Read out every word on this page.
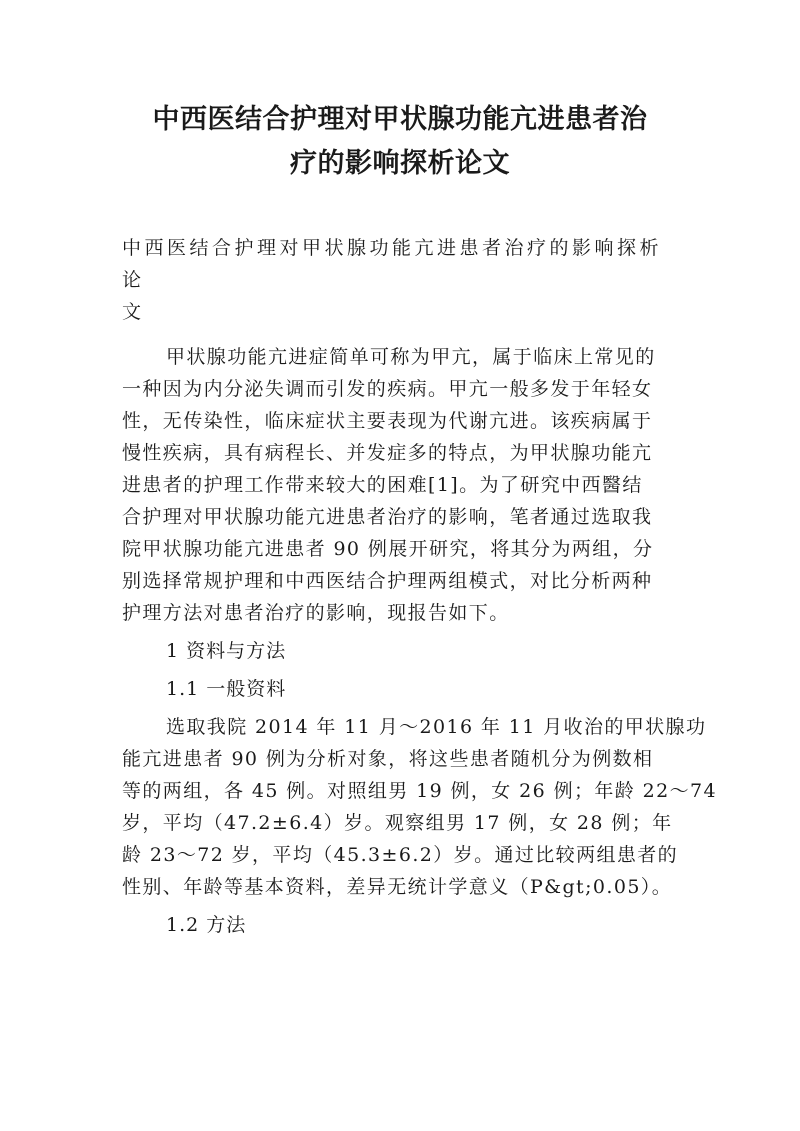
中西医结合护理对甲状腺功能亢进患者治
疗的影响探析论文

中西医结合护理对甲状腺功能亢进患者治疗的影响探析论
文

甲状腺功能亢进症简单可称为甲亢，属于临床上常见的
一种因为内分泌失调而引发的疾病。甲亢一般多发于年轻女
性，无传染性，临床症状主要表现为代谢亢进。该疾病属于
慢性疾病，具有病程长、并发症多的特点，为甲状腺功能亢
进患者的护理工作带来较大的困难[1]。为了研究中西醫结
合护理对甲状腺功能亢进患者治疗的影响，笔者通过选取我
院甲状腺功能亢进患者 90 例展开研究，将其分为两组，分
别选择常规护理和中西医结合护理两组模式，对比分析两种
护理方法对患者治疗的影响，现报告如下。
1 资料与方法
1.1 一般资料
选取我院 2014 年 11 月～2016 年 11 月收治的甲状腺功
能亢进患者 90 例为分析对象，将这些患者随机分为例数相
等的两组，各 45 例。对照组男 19 例，女 26 例；年龄 22～74
岁，平均（47.2±6.4）岁。观察组男 17 例，女 28 例；年
龄 23～72 岁，平均（45.3±6.2）岁。通过比较两组患者的
性别、年龄等基本资料，差异无统计学意义（P&gt;0.05）。
1.2 方法
